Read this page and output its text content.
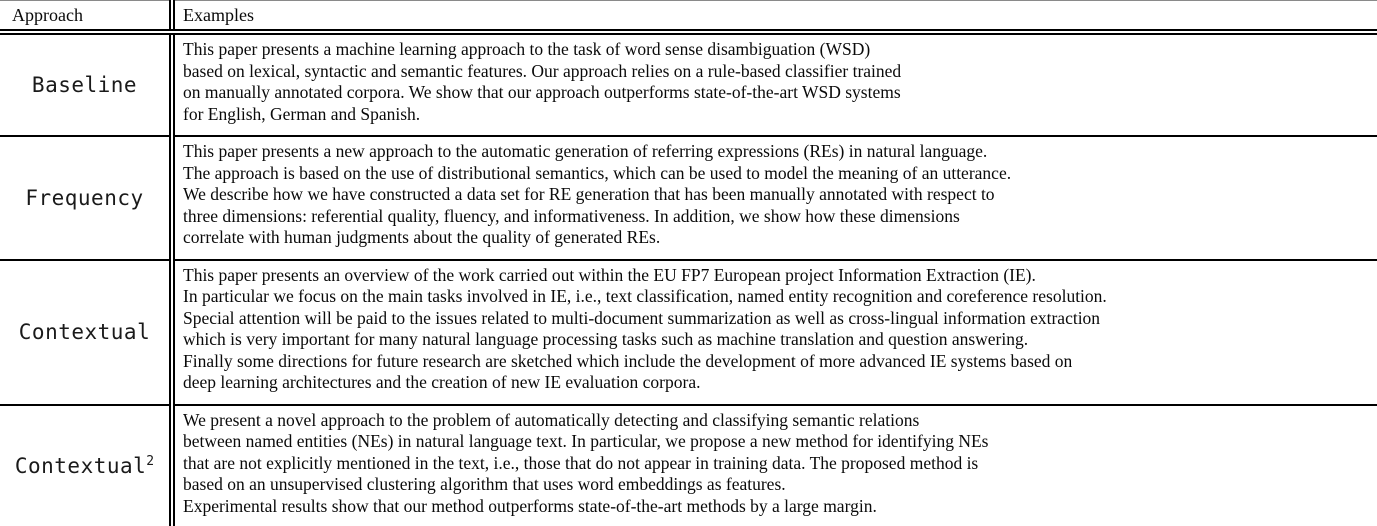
Approach	Examples
Baseline	This paper presents a machine learning approach to the task of word sense disambiguation (WSD)
based on lexical, syntactic and semantic features. Our approach relies on a rule-based classifier trained
on manually annotated corpora. We show that our approach outperforms state-of-the-art WSD systems
for English, German and Spanish.

Frequency	This paper presents a new approach to the automatic generation of referring expressions (REs) in natural language.
The approach is based on the use of distributional semantics, which can be used to model the meaning of an utterance.
We describe how we have constructed a data set for RE generation that has been manually annotated with respect to
three dimensions: referential quality, fluency, and informativeness. In addition, we show how these dimensions
correlate with human judgments about the quality of generated REs.

Contextual	
This paper presents an overview of the work carried out within the EU FP7 European project Information Extraction (IE).
In particular we focus on the main tasks involved in IE, i.e., text classification, named entity recognition and coreference resolution.
Special attention will be paid to the issues related to multi-document summarization as well as cross-lingual information extraction
which is very important for many natural language processing tasks such as machine translation and question answering.
Finally some directions for future research are sketched which include the development of more advanced IE systems based on
deep learning architectures and the creation of new IE evaluation corpora.

Contextual$^2$	We present a novel approach to the problem of automatically detecting and classifying semantic relations
between named entities (NEs) in natural language text. In particular, we propose a new method for identifying NEs
that are not explicitly mentioned in the text, i.e., those that do not appear in training data. The proposed method is
based on an unsupervised clustering algorithm that uses word embeddings as features.
Experimental results show that our method outperforms state-of-the-art methods by a large margin.
